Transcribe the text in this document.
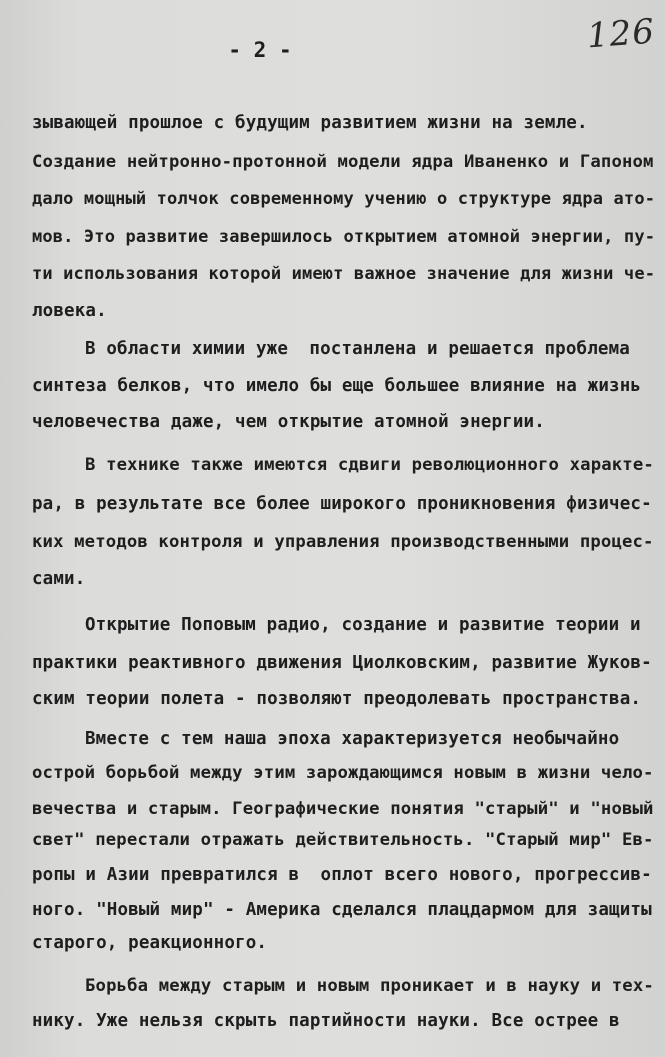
126
- 2 -
зывающей прошлое с будущим развитием жизни на земле.
Создание нейтронно-протонной модели ядра Иваненко и Гапоном
дало мощный толчок современному учению о структуре ядра ато-
мов. Это развитие завершилось открытием атомной энергии, пу-
ти использования которой имеют важное значение для жизни че-
ловека.
В области химии уже  постанлена и решается проблема
синтеза белков, что имело бы еще большее влияние на жизнь
человечества даже, чем открытие атомной энергии.
В технике также имеются сдвиги революционного характе-
ра, в результате все более широкого проникновения физичес-
ких методов контроля и управления производственными процес-
сами.
Открытие Поповым радио, создание и развитие теории и
практики реактивного движения Циолковским, развитие Жуков-
ским теории полета - позволяют преодолевать пространства.
Вместе с тем наша эпоха характеризуется необычайно
острой борьбой между этим зарождающимся новым в жизни чело-
вечества и старым. Географические понятия "старый" и "новый
свет" перестали отражать действительность. "Старый мир" Ев-
ропы и Азии превратился в  оплот всего нового, прогрессив-
ного. "Новый мир" - Америка сделался плацдармом для защиты
старого, реакционного.
Борьба между старым и новым проникает и в науку и тех-
нику. Уже нельзя скрыть партийности науки. Все острее в
